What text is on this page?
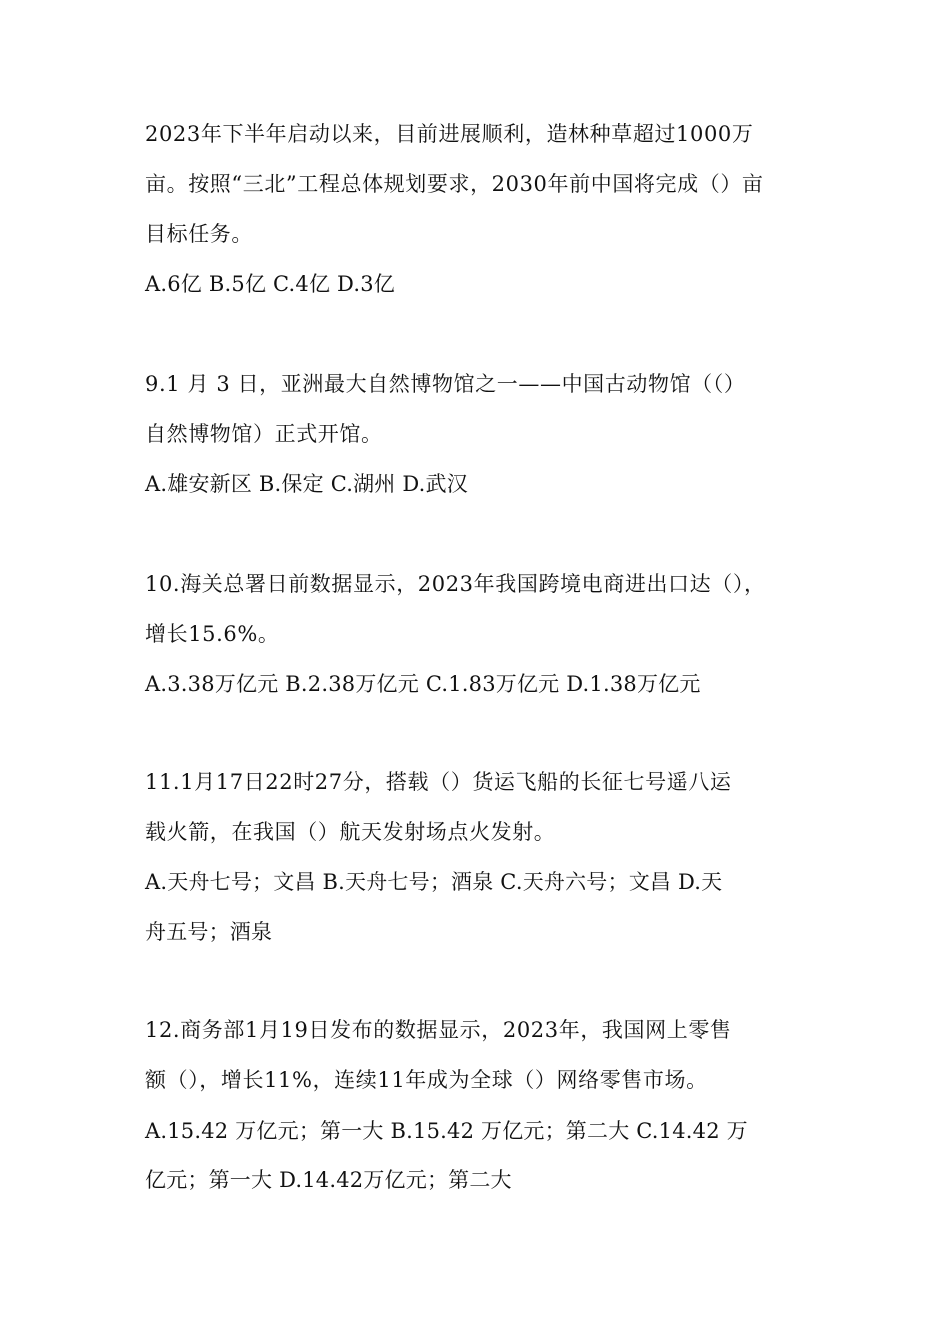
2023年下半年启动以来，目前进展顺利，造林种草超过1000万
亩。按照“三北”工程总体规划要求，2030年前中国将完成（）亩
目标任务。
A.6亿 B.5亿 C.4亿 D.3亿
9.1 月 3 日，亚洲最大自然博物馆之一——中国古动物馆（（）
自然博物馆）正式开馆。
A.雄安新区 B.保定 C.湖州 D.武汉
10.海关总署日前数据显示，2023年我国跨境电商进出口达（），
增长15.6%。
A.3.38万亿元 B.2.38万亿元 C.1.83万亿元 D.1.38万亿元
11.1月17日22时27分，搭载（）货运飞船的长征七号遥八运
载火箭，在我国（）航天发射场点火发射。
A.天舟七号；文昌 B.天舟七号；酒泉 C.天舟六号；文昌 D.天
舟五号；酒泉
12.商务部1月19日发布的数据显示，2023年，我国网上零售
额（），增长11%，连续11年成为全球（）网络零售市场。
A.15.42 万亿元；第一大 B.15.42 万亿元；第二大 C.14.42 万
亿元；第一大 D.14.42万亿元；第二大
